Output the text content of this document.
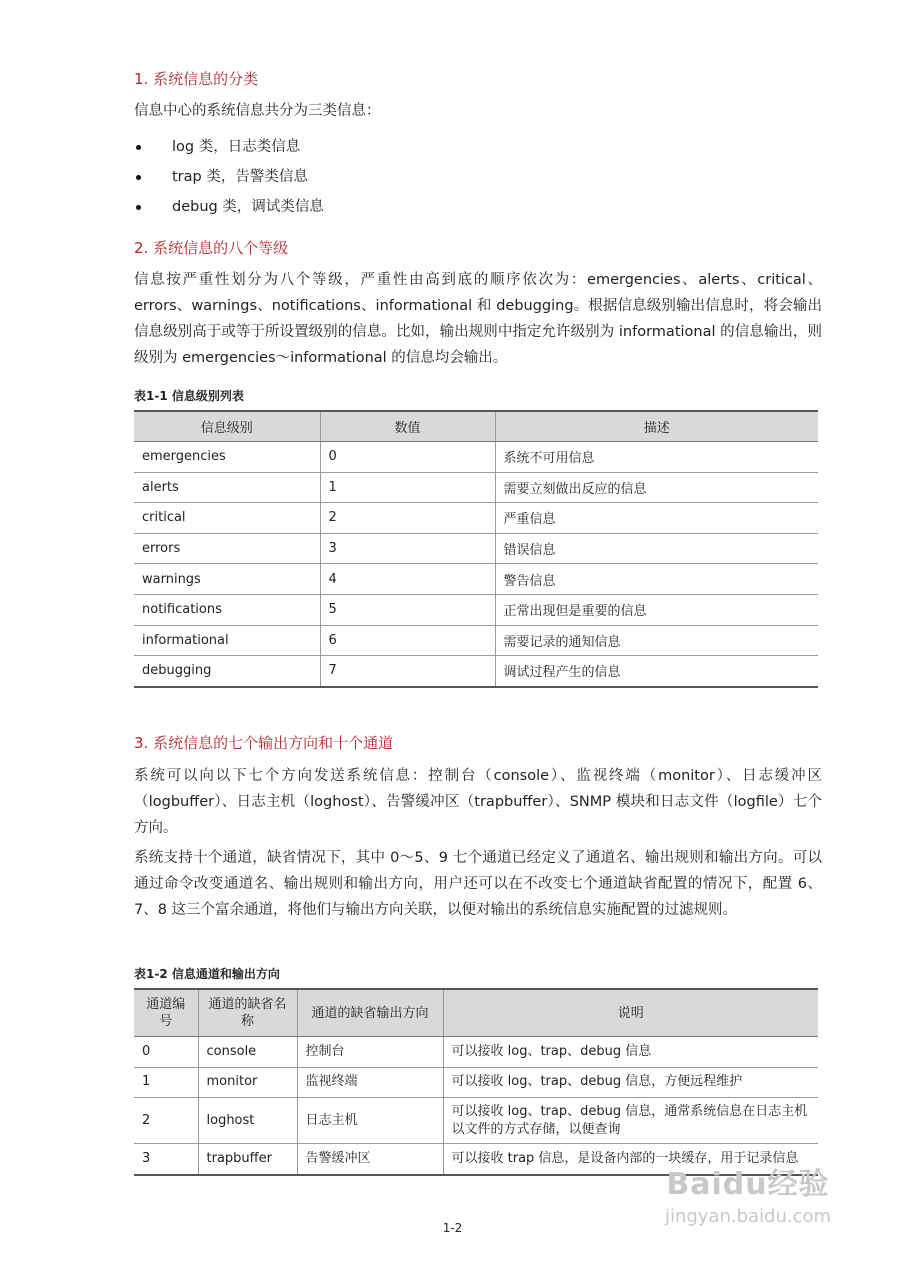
1. 系统信息的分类

信息中心的系统信息共分为三类信息：

log 类，日志类信息
trap 类，告警类信息
debug 类，调试类信息
2. 系统信息的八个等级

信息按严重性划分为八个等级，严重性由高到底的顺序依次为：emergencies、alerts、critical、errors、warnings、notifications、informational 和 debugging。根据信息级别输出信息时，将会输出信息级别高于或等于所设置级别的信息。比如，输出规则中指定允许级别为 informational 的信息输出，则级别为 emergencies～informational 的信息均会输出。

表1-1 信息级别列表

信息级别	数值	描述
emergencies	0	系统不可用信息
alerts	1	需要立刻做出反应的信息
critical	2	严重信息
errors	3	错误信息
warnings	4	警告信息
notifications	5	正常出现但是重要的信息
informational	6	需要记录的通知信息
debugging	7	调试过程产生的信息
3. 系统信息的七个输出方向和十个通道

系统可以向以下七个方向发送系统信息：控制台（console）、监视终端（monitor）、日志缓冲区（logbuffer）、日志主机（loghost）、告警缓冲区（trapbuffer）、SNMP 模块和日志文件（logfile）七个方向。

系统支持十个通道，缺省情况下，其中 0～5、9 七个通道已经定义了通道名、输出规则和输出方向。可以通过命令改变通道名、输出规则和输出方向，用户还可以在不改变七个通道缺省配置的情况下，配置 6、7、8 这三个富余通道，将他们与输出方向关联，以便对输出的系统信息实施配置的过滤规则。

表1-2 信息通道和输出方向

通道编号	通道的缺省名称	通道的缺省输出方向	说明
0	console	控制台	可以接收 log、trap、debug 信息
1	monitor	监视终端	可以接收 log、trap、debug 信息，方便远程维护
2	loghost	日志主机	可以接收 log、trap、debug 信息，通常系统信息在日志主机以文件的方式存储，以便查询
3	trapbuffer	告警缓冲区	可以接收 trap 信息，是设备内部的一块缓存，用于记录信息
Baidu经验
jingyan.baidu.com

1-2
